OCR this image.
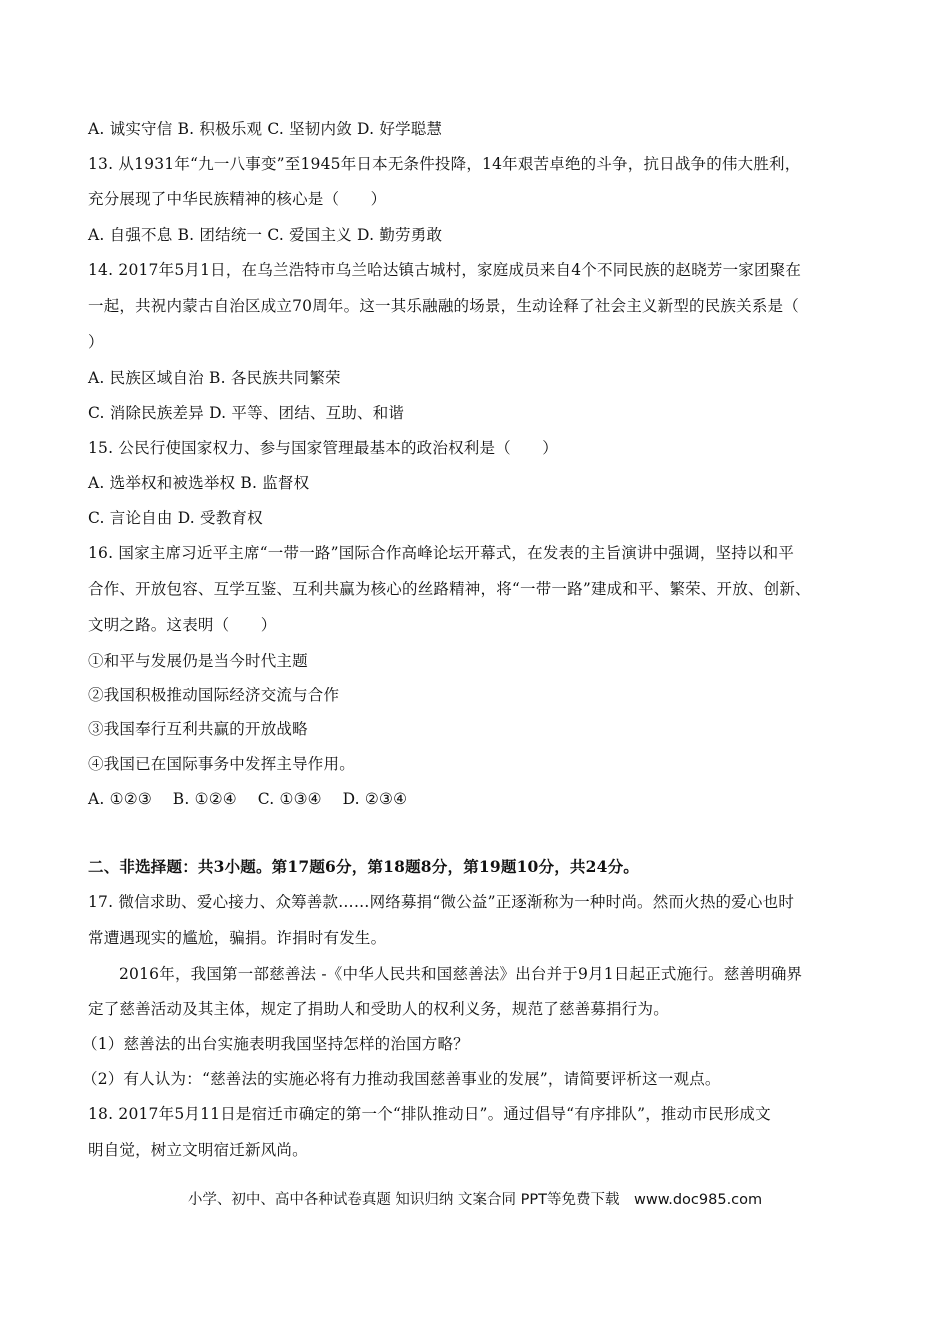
A. 诚实守信 B. 积极乐观 C. 坚韧内敛 D. 好学聪慧
13. 从1931年“九一八事变”至1945年日本无条件投降，14年艰苦卓绝的斗争，抗日战争的伟大胜利，
充分展现了中华民族精神的核心是（　　）
A. 自强不息 B. 团结统一 C. 爱国主义 D. 勤劳勇敢
14. 2017年5月1日，在乌兰浩特市乌兰哈达镇古城村，家庭成员来自4个不同民族的赵晓芳一家团聚在
一起，共祝内蒙古自治区成立70周年。这一其乐融融的场景，生动诠释了社会主义新型的民族关系是（
）
A. 民族区域自治 B. 各民族共同繁荣
C. 消除民族差异 D. 平等、团结、互助、和谐
15. 公民行使国家权力、参与国家管理最基本的政治权利是（　　）
A. 选举权和被选举权 B. 监督权
C. 言论自由 D. 受教育权
16. 国家主席习近平主席“一带一路”国际合作高峰论坛开幕式，在发表的主旨演讲中强调，坚持以和平
合作、开放包容、互学互鉴、互利共赢为核心的丝路精神，将“一带一路”建成和平、繁荣、开放、创新、
文明之路。这表明（　　）
①和平与发展仍是当今时代主题
②我国积极推动国际经济交流与合作
③我国奉行互利共赢的开放战略
④我国已在国际事务中发挥主导作用。
A. ①②③　 B. ①②④　 C. ①③④　 D. ②③④
二、非选择题：共3小题。第17题6分，第18题8分，第19题10分，共24分。
17. 微信求助、爱心接力、众筹善款……网络募捐“微公益”正逐渐称为一种时尚。然而火热的爱心也时
常遭遇现实的尴尬，骗捐。诈捐时有发生。
2016年，我国第一部慈善法 -《中华人民共和国慈善法》出台并于9月1日起正式施行。慈善明确界
定了慈善活动及其主体，规定了捐助人和受助人的权利义务，规范了慈善募捐行为。
（1）慈善法的出台实施表明我国坚持怎样的治国方略？
（2）有人认为：“慈善法的实施必将有力推动我国慈善事业的发展”，请简要评析这一观点。
18. 2017年5月11日是宿迁市确定的第一个“排队推动日”。通过倡导“有序排队”，推动市民形成文
明自觉，树立文明宿迁新风尚。
小学、初中、高中各种试卷真题 知识归纳 文案合同 PPT等免费下载　www.doc985.com
